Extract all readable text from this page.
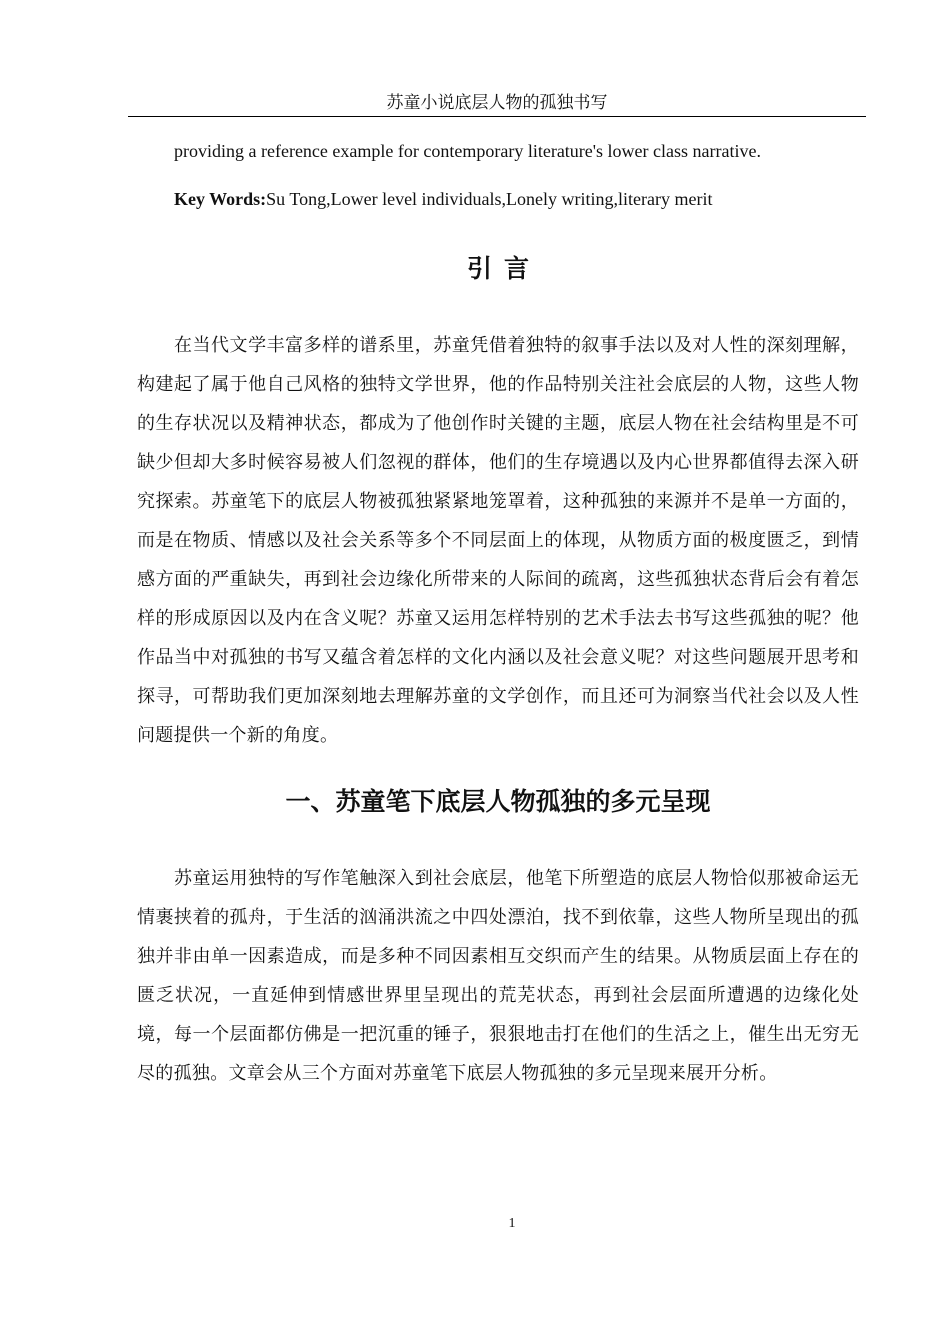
苏童小说底层人物的孤独书写

providing a reference example for contemporary literature's lower class narrative.

Key Words:Su Tong,Lower level individuals,Lonely writing,literary merit

引言

在当代文学丰富多样的谱系里，苏童凭借着独特的叙事手法以及对人性的深刻理解，构建起了属于他自己风格的独特文学世界，他的作品特别关注社会底层的人物，这些人物的生存状况以及精神状态，都成为了他创作时关键的主题，底层人物在社会结构里是不可缺少但却大多时候容易被人们忽视的群体，他们的生存境遇以及内心世界都值得去深入研究探索。苏童笔下的底层人物被孤独紧紧地笼罩着，这种孤独的来源并不是单一方面的，而是在物质、情感以及社会关系等多个不同层面上的体现，从物质方面的极度匮乏，到情感方面的严重缺失，再到社会边缘化所带来的人际间的疏离，这些孤独状态背后会有着怎样的形成原因以及内在含义呢？苏童又运用怎样特别的艺术手法去书写这些孤独的呢？他作品当中对孤独的书写又蕴含着怎样的文化内涵以及社会意义呢？对这些问题展开思考和探寻，可帮助我们更加深刻地去理解苏童的文学创作，而且还可为洞察当代社会以及人性问题提供一个新的角度。

一、苏童笔下底层人物孤独的多元呈现

苏童运用独特的写作笔触深入到社会底层，他笔下所塑造的底层人物恰似那被命运无情裹挟着的孤舟，于生活的汹涌洪流之中四处漂泊，找不到依靠，这些人物所呈现出的孤独并非由单一因素造成，而是多种不同因素相互交织而产生的结果。从物质层面上存在的匮乏状况，一直延伸到情感世界里呈现出的荒芜状态，再到社会层面所遭遇的边缘化处境，每一个层面都仿佛是一把沉重的锤子，狠狠地击打在他们的生活之上，催生出无穷无尽的孤独。文章会从三个方面对苏童笔下底层人物孤独的多元呈现来展开分析。

1
